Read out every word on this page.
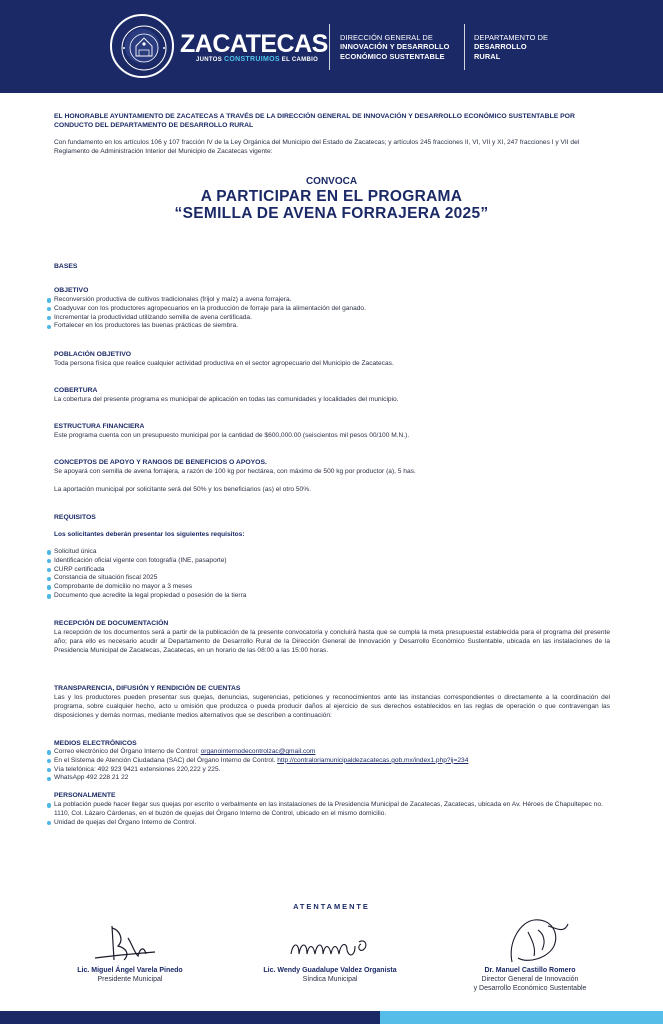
ZACATECAS
JUNTOS CONSTRUIMOS EL CAMBIO
DIRECCIÓN GENERAL DE
INNOVACIÓN Y DESARROLLO
ECONÓMICO SUSTENTABLE
DEPARTAMENTO DE
DESARROLLO
RURAL
EL HONORABLE AYUNTAMIENTO DE ZACATECAS A TRAVÉS DE LA DIRECCIÓN GENERAL DE INNOVACIÓN Y DESARROLLO ECONÓMICO SUSTENTABLE POR CONDUCTO DEL DEPARTAMENTO DE DESARROLLO RURAL
Con fundamento en los artículos 106 y 107 fracción IV de la Ley Orgánica del Municipio del Estado de Zacatecas; y artículos 245 fracciones II, VI, VII y XI, 247 fracciones I y VII del Reglamento de Administración Interior del Municipio de Zacatecas vigente:
CONVOCA
A PARTICIPAR EN EL PROGRAMA
“SEMILLA DE AVENA FORRAJERA 2025”
BASES
OBJETIVO
Reconversión productiva de cultivos tradicionales (frijol y maíz) a avena forrajera.
Coadyuvar con los productores agropecuarios en la producción de forraje para la alimentación del ganado.
Incrementar la productividad utilizando semilla de avena certificada.
Fortalecer en los productores las buenas prácticas de siembra.
POBLACIÓN OBJETIVO
Toda persona física que realice cualquier actividad productiva en el sector agropecuario del Municipio de Zacatecas.
COBERTURA
La cobertura del presente programa es municipal de aplicación en todas las comunidades y localidades del municipio.
ESTRUCTURA FINANCIERA
Este programa cuenta con un presupuesto municipal por la cantidad de $600,000.00 (seiscientos mil pesos 00/100 M.N.).
CONCEPTOS DE APOYO Y RANGOS DE BENEFICIOS O APOYOS.
Se apoyará con semilla de avena forrajera, a razón de 100 kg por hectárea, con máximo de 500 kg por productor (a), 5 has.
La aportación municipal por solicitante será del 50% y los beneficiarios (as) el otro 50%.
REQUISITOS
Los solicitantes deberán presentar los siguientes requisitos:
Solicitud única
Identificación oficial vigente con fotografía (INE, pasaporte)
CURP certificada
Constancia de situación fiscal 2025
Comprobante de domicilio no mayor a 3 meses
Documento que acredite la legal propiedad o posesión de la tierra
RECEPCIÓN DE DOCUMENTACIÓN
La recepción de los documentos será a partir de la publicación de la presente convocatoria y concluirá hasta que se cumpla la meta presupuestal establecida para el programa del presente año; para ello es necesario acudir al Departamento de Desarrollo Rural de la Dirección General de Innovación y Desarrollo Económico Sustentable, ubicada en las instalaciones de la Presidencia Municipal de Zacatecas, Zacatecas, en un horario de las 08:00 a las 15:00 horas.
TRANSPARENCIA, DIFUSIÓN Y RENDICIÓN DE CUENTAS
Las y los productores pueden presentar sus quejas, denuncias, sugerencias, peticiones y reconocimientos ante las instancias correspondientes o directamente a la coordinación del programa, sobre cualquier hecho, acto u omisión que produzca o pueda producir daños al ejercicio de sus derechos establecidos en las reglas de operación o que contravengan las disposiciones y demás normas, mediante medios alternativos que se describen a continuación:
MEDIOS ELECTRÓNICOS
Correo electrónico del Órgano Interno de Control: organointernodecontrolzac@gmail.com
En el Sistema de Atención Ciudadana (SAC) del Órgano Interno de Control. http://contraloriamunicipaldezacatecas.gob.mx/index1.php?ij=234
Vía telefónica: 492 923 9421 extensiones 220,222 y 225.
WhatsApp 492 228 21 22
PERSONALMENTE
La población puede hacer llegar sus quejas por escrito o verbalmente en las instalaciones de la Presidencia Municipal de Zacatecas, Zacatecas, ubicada en Av. Héroes de Chapultepec no. 1110, Col. Lázaro Cárdenas, en el buzón de quejas del Órgano Interno de Control, ubicado en el mismo domicilio.
Unidad de quejas del Órgano Interno de Control.
ATENTAMENTE
Lic. Miguel Ángel Varela Pinedo
Presidente Municipal
Lic. Wendy Guadalupe Valdez Organista
Síndica Municipal
Dr. Manuel Castillo Romero
Director General de Innovación
y Desarrollo Económico Sustentable
